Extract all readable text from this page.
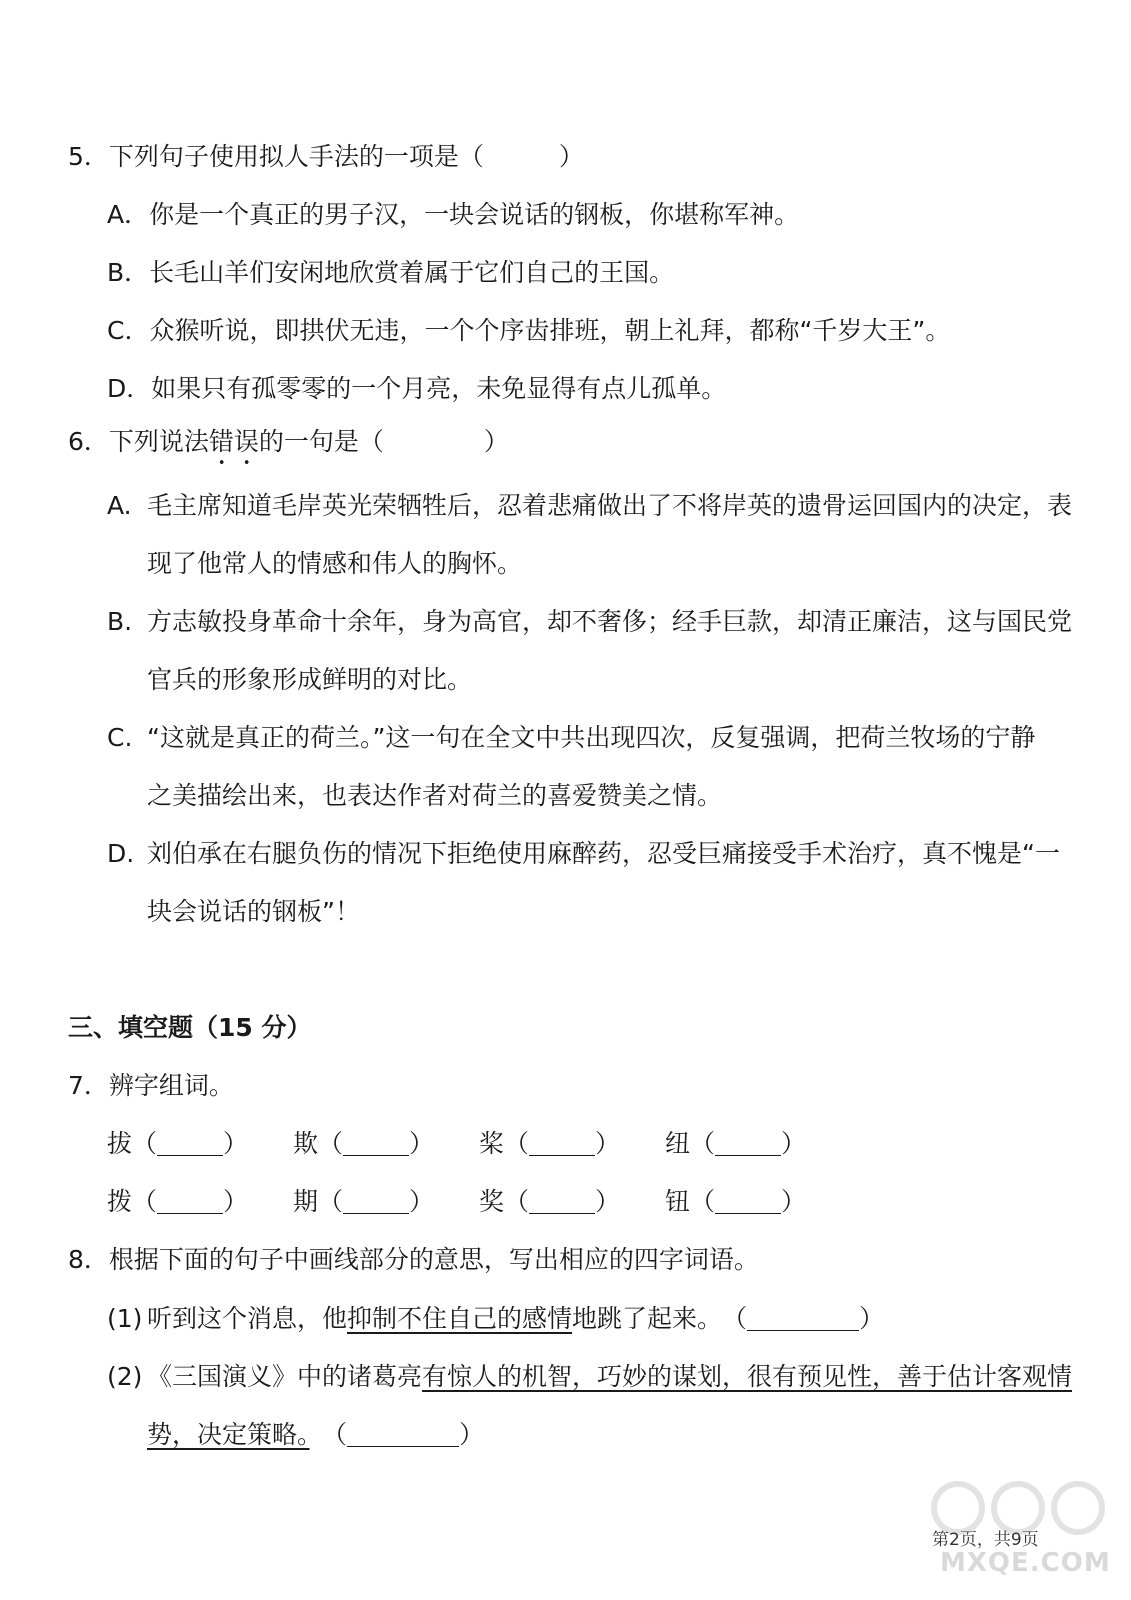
5．下列句子使用拟人手法的一项是（　　　）
A．你是一个真正的男子汉，一块会说话的钢板，你堪称军神。
B．长毛山羊们安闲地欣赏着属于它们自己的王国。
C．众猴听说，即拱伏无违，一个个序齿排班，朝上礼拜，都称“千岁大王”。
D．如果只有孤零零的一个月亮，未免显得有点儿孤单。
6．下列说法错误的一句是（　　　　）
A. 毛主席知道毛岸英光荣牺牲后，忍着悲痛做出了不将岸英的遗骨运回国内的决定，表
现了他常人的情感和伟人的胸怀。
B. 方志敏投身革命十余年，身为高官，却不奢侈；经手巨款，却清正廉洁，这与国民党
官兵的形象形成鲜明的对比。
C. “这就是真正的荷兰。”这一句在全文中共出现四次，反复强调，把荷兰牧场的宁静
之美描绘出来，也表达作者对荷兰的喜爱赞美之情。
D. 刘伯承在右腿负伤的情况下拒绝使用麻醉药，忍受巨痛接受手术治疗，真不愧是“一
块会说话的钢板”！
三、填空题（15 分）
7．辨字组词。
拔（	） 欺（	） 桨（	） 纽（	）
拨（	） 期（	） 奖（	） 钮（	）
8．根据下面的句子中画线部分的意思，写出相应的四字词语。
(1) 听到这个消息，他抑制不住自己的感情地跳了起来。　 （	）
(2) 《三国演义》中的诸葛亮有惊人的机智，巧妙的谋划，很有预见性，善于估计客观情
势，决定策略。　 （	）
第2页，共9页
MXQE.COM
